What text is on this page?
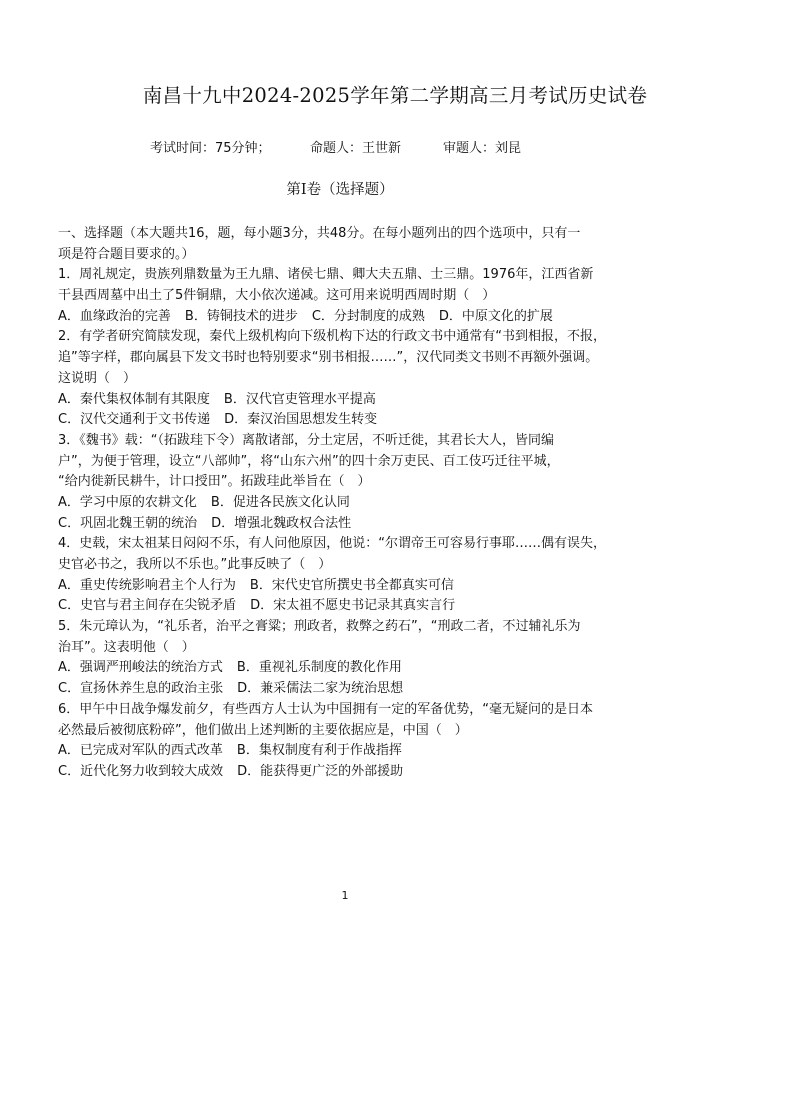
南昌十九中2024-2025学年第二学期高三月考试历史试卷
考试时间：75分钟；	命题人：王世新	审题人：刘昆
第Ⅰ卷（选择题）
一、选择题（本大题共16，题，每小题3分，共48分。在每小题列出的四个选项中，只有一
项是符合题目要求的。）
1．周礼规定，贵族列鼎数量为王九鼎、诸侯七鼎、卿大夫五鼎、士三鼎。1976年，江西省新
干县西周墓中出土了5件铜鼎，大小依次递减。这可用来说明西周时期（　）
A．血缘政治的完善 B．铸铜技术的进步 C．分封制度的成熟 D．中原文化的扩展
2．有学者研究简牍发现，秦代上级机构向下级机构下达的行政文书中通常有“书到相报，不报，
追”等字样，郡向属县下发文书时也特别要求“别书相报……”，汉代同类文书则不再额外强调。
这说明（　）
A．秦代集权体制有其限度 B．汉代官吏管理水平提高
C．汉代交通利于文书传递 D．秦汉治国思想发生转变
3．《魏书》载：“（拓跋珪下令）离散诸部，分土定居，不听迁徙，其君长大人，皆同编
户”，为便于管理，设立“八部帅”，将“山东六州”的四十余万吏民、百工伎巧迁往平城，
“给内徙新民耕牛，计口授田”。拓跋珪此举旨在（　）
A．学习中原的农耕文化 B．促进各民族文化认同
C．巩固北魏王朝的统治 D．增强北魏政权合法性
4．史载，宋太祖某日闷闷不乐，有人问他原因，他说：“尔谓帝王可容易行事耶……偶有误失，
史官必书之，我所以不乐也。”此事反映了（　）
A．重史传统影响君主个人行为 B．宋代史官所撰史书全都真实可信
C．史官与君主间存在尖锐矛盾 D．宋太祖不愿史书记录其真实言行
5．朱元璋认为，“礼乐者，治平之膏粱；刑政者，救弊之药石”，“刑政二者，不过辅礼乐为
治耳”。这表明他（　）
A．强调严刑峻法的统治方式 B．重视礼乐制度的教化作用
C．宣扬休养生息的政治主张 D．兼采儒法二家为统治思想
6．甲午中日战争爆发前夕，有些西方人士认为中国拥有一定的军备优势，“毫无疑问的是日本
必然最后被彻底粉碎”，他们做出上述判断的主要依据应是，中国（　）
A．已完成对军队的西式改革 B．集权制度有利于作战指挥
C．近代化努力收到较大成效 D．能获得更广泛的外部援助
1
